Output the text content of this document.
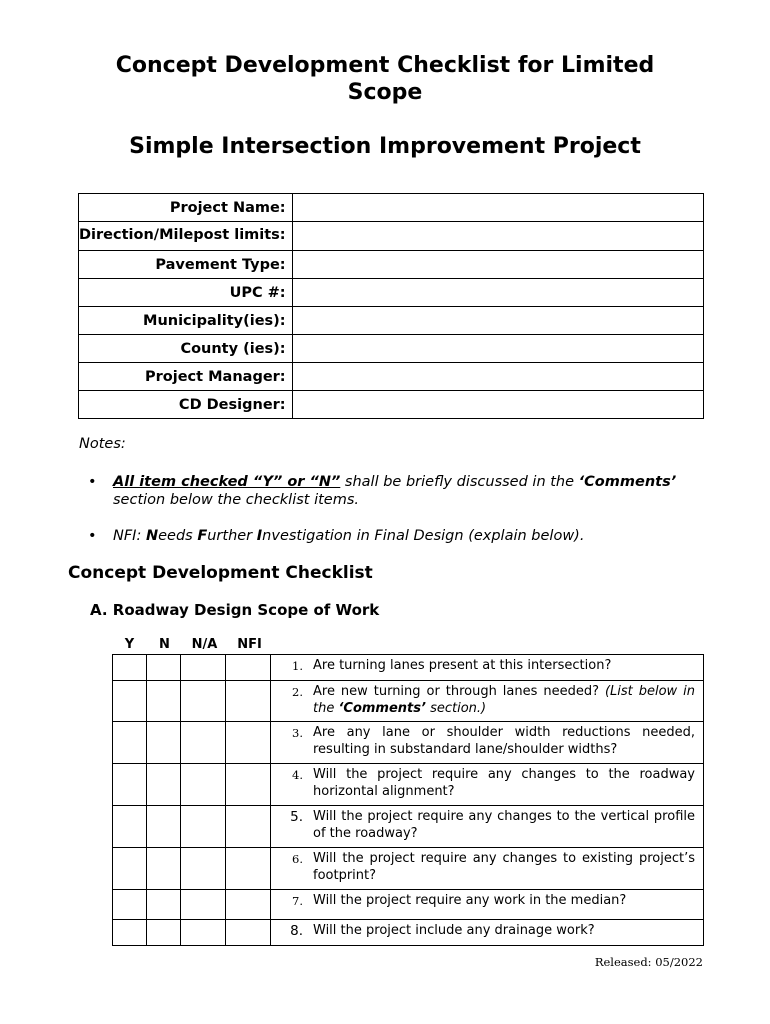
Concept Development Checklist for Limited Scope
Simple Intersection Improvement Project
Project Name:	

Direction/Milepost limits:	

Pavement Type:	
UPC #:	
Municipality(ies):	
County (ies):	
Project Manager:	
CD Designer:	
Notes:
• All item checked “Y” or “N” shall be briefly discussed in the ‘Comments’
section below the checklist items.
• NFI: Needs Further Investigation in Final Design (explain below).
Concept Development Checklist
A. Roadway Design Scope of Work
Y	N	N/A	NFI

				1. Are turning lanes present at this intersection?

				2. Are new turning or through lanes needed? (List below in the ‘Comments’ section.)

				3. Are any lane or shoulder width reductions needed, resulting in substandard lane/shoulder widths?

				4. Will the project require any changes to the roadway horizontal alignment?

				5. Will the project require any changes to the vertical profile of the roadway?

				6. Will the project require any changes to existing project’s footprint?

				7. Will the project require any work in the median?

				8. Will the project include any drainage work?
Released: 05/2022
